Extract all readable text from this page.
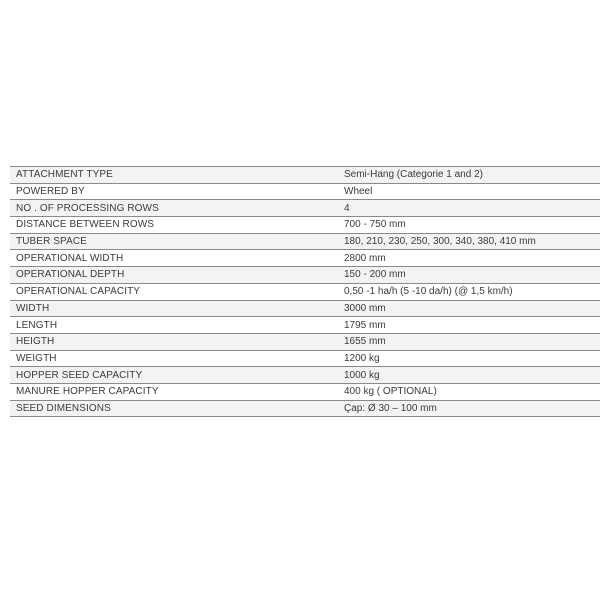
ATTACHMENT TYPE	Semi-Hang (Categorie 1 and 2)
POWERED BY	Wheel
NO . OF PROCESSING ROWS	4
DISTANCE BETWEEN ROWS	700 - 750 mm
TUBER SPACE	180, 210, 230, 250, 300, 340, 380, 410 mm
OPERATIONAL WIDTH	2800 mm
OPERATIONAL DEPTH	150 - 200 mm
OPERATIONAL CAPACITY	0,50 -1 ha/h (5 -10 da/h) (@ 1,5 km/h)
WIDTH	3000 mm
LENGTH	1795 mm
HEIGTH	1655 mm
WEIGTH	1200 kg
HOPPER SEED CAPACITY	1000 kg
MANURE HOPPER CAPACITY	400 kg ( OPTIONAL)
SEED DIMENSIONS	Çap: Ø 30 – 100 mm
